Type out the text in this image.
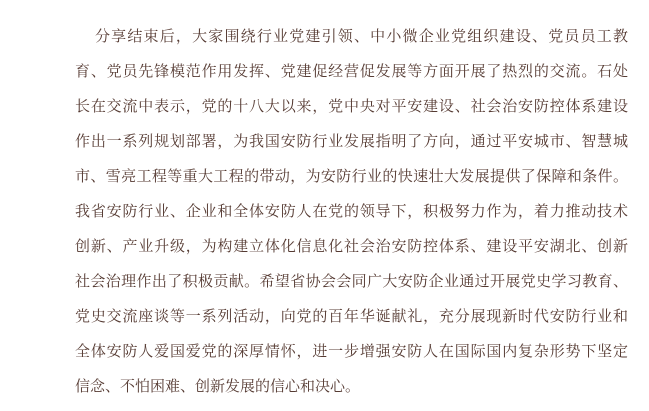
分享结束后，大家围绕行业党建引领、中小微企业党组织建设、党员员工教
育、党员先锋模范作用发挥、党建促经营促发展等方面开展了热烈的交流。石处
长在交流中表示，党的十八大以来，党中央对平安建设、社会治安防控体系建设
作出一系列规划部署，为我国安防行业发展指明了方向，通过平安城市、智慧城
市、雪亮工程等重大工程的带动，为安防行业的快速壮大发展提供了保障和条件。
我省安防行业、企业和全体安防人在党的领导下，积极努力作为，着力推动技术
创新、产业升级，为构建立体化信息化社会治安防控体系、建设平安湖北、创新
社会治理作出了积极贡献。希望省协会会同广大安防企业通过开展党史学习教育、
党史交流座谈等一系列活动，向党的百年华诞献礼，充分展现新时代安防行业和
全体安防人爱国爱党的深厚情怀，进一步增强安防人在国际国内复杂形势下坚定
信念、不怕困难、创新发展的信心和决心。
